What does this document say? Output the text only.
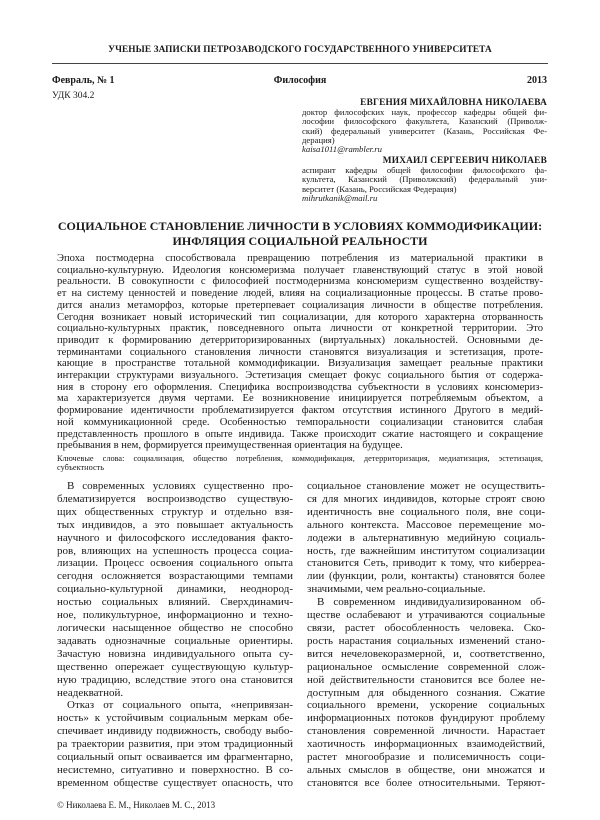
УЧЕНЫЕ ЗАПИСКИ ПЕТРОЗАВОДСКОГО ГОСУДАРСТВЕННОГО УНИВЕРСИТЕТА
Февраль, № 1	Философия	2013
УДК 304.2
ЕВГЕНИЯ МИХАЙЛОВНА НИКОЛАЕВА
доктор философских наук, профессор кафедры общей фи-
лософии философского факультета, Казанский (Приволж-
ский) федеральный университет (Казань, Российская Фе-
дерация)
kaisa1011@rambler.ru
МИХАИЛ СЕРГЕЕВИЧ НИКОЛАЕВ
аспирант кафедры общей философии философского фа-
культета, Казанский (Приволжский) федеральный уни-
верситет (Казань, Российская Федерация)
mihrutkanik@mail.ru
СОЦИАЛЬНОЕ СТАНОВЛЕНИЕ ЛИЧНОСТИ В УСЛОВИЯХ КОММОДИФИКАЦИИ:
ИНФЛЯЦИЯ СОЦИАЛЬНОЙ РЕАЛЬНОСТИ
Эпоха постмодерна способствовала превращению потребления из материальной практики в
социально-культурную. Идеология консюмеризма получает главенствующий статус в этой новой
реальности. В совокупности с философией постмодернизма консюмеризм существенно воздейству-
ет на систему ценностей и поведение людей, влияя на социализационные процессы. В статье прово-
дится анализ метаморфоз, которые претерпевает социализация личности в обществе потребления.
Сегодня возникает новый исторический тип социализации, для которого характерна оторванность
социально-культурных практик, повседневного опыта личности от конкретной территории. Это
приводит к формированию детерриторизированных (виртуальных) локальностей. Основными де-
терминантами социального становления личности становятся визуализация и эстетизация, проте-
кающие в пространстве тотальной коммодификации. Визуализация замещает реальные практики
интеракции структурами визуального. Эстетизация смещает фокус социального бытия от содержа-
ния в сторону его оформления. Специфика воспроизводства субъектности в условиях консюмериз-
ма характеризуется двумя чертами. Ее возникновение инициируется потребляемым объектом, а
формирование идентичности проблематизируется фактом отсутствия истинного Другого в медий-
ной коммуникационной среде. Особенностью темпоральности социализации становится слабая
представленность прошлого в опыте индивида. Также происходит сжатие настоящего и сокращение
пребывания в нем, формируется преимущественная ориентация на будущее.
Ключевые слова: социализация, общество потребления, коммодификация, детерриторизация, медиатизация, эстетизация,
субъектность
В современных условиях существенно про-
блематизируется воспроизводство существую-
щих общественных структур и отдельно взя-
тых индивидов, а это повышает актуальность
научного и философского исследования факто-
ров, влияющих на успешность процесса социа-
лизации. Процесс освоения социального опыта
сегодня осложняется возрастающими темпами
социально-культурной динамики, неоднород-
ностью социальных влияний. Сверхдинамич-
ное, поликультурное, информационно и техно-
логически насыщенное общество не способно
задавать однозначные социальные ориентиры.
Зачастую новизна индивидуального опыта су-
щественно опережает существующую культур-
ную традицию, вследствие этого она становится
неадекватной.
Отказ от социального опыта, «непривязан-
ность» к устойчивым социальным меркам обе-
спечивает индивиду подвижность, свободу выбо-
ра траектории развития, при этом традиционный
социальный опыт осваивается им фрагментарно,
несистемно, ситуативно и поверхностно. В со-
временном обществе существует опасность, что
социальное становление может не осуществить-
ся для многих индивидов, которые строят свою
идентичность вне социального поля, вне соци-
ального контекста. Массовое перемещение мо-
лодежи в альтернативную медийную социаль-
ность, где важнейшим институтом социализации
становится Сеть, приводит к тому, что киберреа-
лии (функции, роли, контакты) становятся более
значимыми, чем реально-социальные.
В современном индивидуализированном об-
ществе ослабевают и утрачиваются социальные
связи, растет обособленность человека. Ско-
рость нарастания социальных изменений стано-
вится нечеловекоразмерной, и, соответственно,
рациональное осмысление современной слож-
ной действительности становится все более не-
доступным для обыденного сознания. Сжатие
социального времени, ускорение социальных
информационных потоков фундируют проблему
становления современной личности. Нарастает
хаотичность информационных взаимодействий,
растет многообразие и полисемичность соци-
альных смыслов в обществе, они множатся и
становятся все более относительными. Теряют-
© Николаева Е. М., Николаев М. С., 2013
